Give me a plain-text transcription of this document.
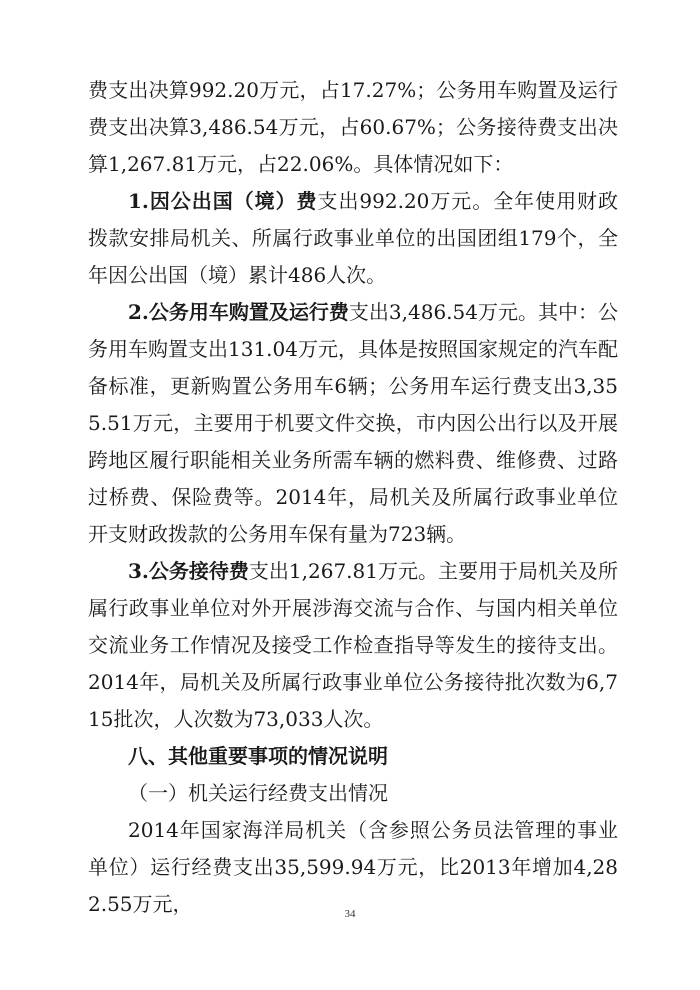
费支出决算992.20万元，占17.27%；公务用车购置及运行费支出决算3,486.54万元，占60.67%；公务接待费支出决算1,267.81万元，占22.06%。具体情况如下：

1.因公出国（境）费支出992.20万元。全年使用财政拨款安排局机关、所属行政事业单位的出国团组179个，全年因公出国（境）累计486人次。

2.公务用车购置及运行费支出3,486.54万元。其中：公务用车购置支出131.04万元，具体是按照国家规定的汽车配备标准，更新购置公务用车6辆；公务用车运行费支出3,355.51万元，主要用于机要文件交换，市内因公出行以及开展跨地区履行职能相关业务所需车辆的燃料费、维修费、过路过桥费、保险费等。2014年，局机关及所属行政事业单位开支财政拨款的公务用车保有量为723辆。

3.公务接待费支出1,267.81万元。主要用于局机关及所属行政事业单位对外开展涉海交流与合作、与国内相关单位交流业务工作情况及接受工作检查指导等发生的接待支出。2014年，局机关及所属行政事业单位公务接待批次数为6,715批次，人次数为73,033人次。

八、其他重要事项的情况说明

（一）机关运行经费支出情况

2014年国家海洋局机关（含参照公务员法管理的事业单位）运行经费支出35,599.94万元，比2013年增加4,282.55万元，	34
